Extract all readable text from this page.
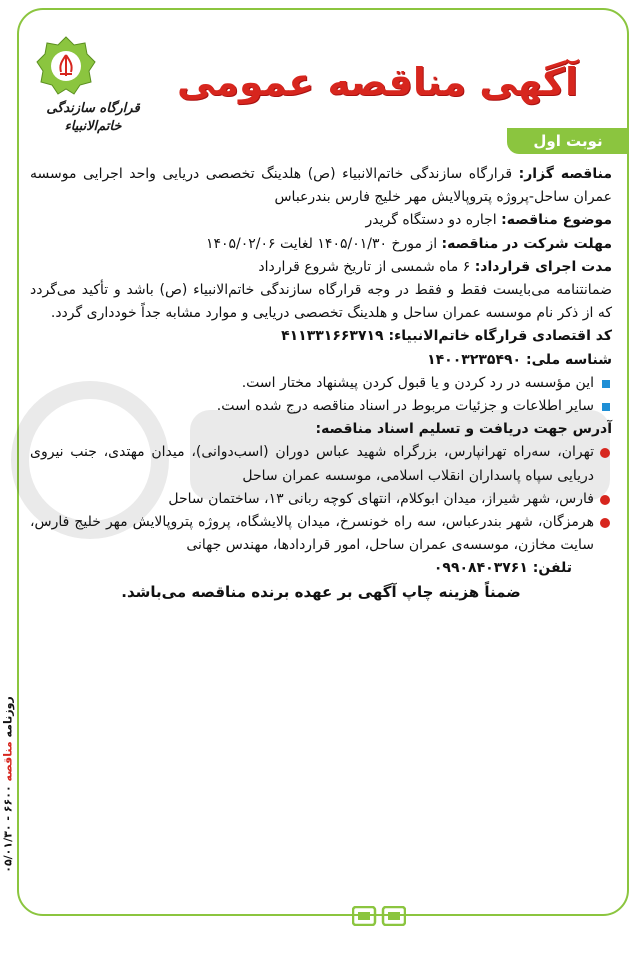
روزنامه مناقصه ۶۶۰۰ - ۰۵/۰۱/۳۰
قرارگاه سازندگی خاتم‌الانبیاء
آگهی مناقصه عمومی
نوبت اول

مناقصه گزار: قرارگاه سازندگی خاتم‌الانبیاء (ص) هلدینگ تخصصی دریایی واحد اجرایی موسسه عمران ساحل-پروژه پتروپالایش مهر خلیج فارس بندرعباس

موضوع مناقصه: اجاره دو دستگاه گریدر

مهلت شرکت در مناقصه: از مورخ ۱۴۰۵/۰۱/۳۰ لغایت ۱۴۰۵/۰۲/۰۶

مدت اجرای قرارداد: ۶ ماه شمسی از تاریخ شروع قرارداد

ضمانتنامه می‌بایست فقط و فقط در وجه قرارگاه سازندگی خاتم‌الانبیاء (ص) باشد و تأکید می‌گردد که از ذکر نام موسسه عمران ساحل و هلدینگ تخصصی دریایی و موارد مشابه جداً خودداری گردد.

کد اقتصادی قرارگاه خاتم‌الانبیاء: ۴۱۱۳۳۱۶۶۳۷۱۹

شناسه ملی: ۱۴۰۰۳۲۳۵۴۹۰

این مؤسسه در رد کردن و یا قبول کردن پیشنهاد مختار است.
سایر اطلاعات و جزئیات مربوط در اسناد مناقصه درج شده است.

آدرس جهت دریافت و تسلیم اسناد مناقصه:

تهران، سه‌راه تهرانپارس، بزرگراه شهید عباس دوران (اسب‌دوانی)، میدان مهتدی، جنب نیروی دریایی سپاه پاسداران انقلاب اسلامی، موسسه عمران ساحل
فارس، شهر شیراز، میدان ابوکلام، انتهای کوچه ربانی ۱۳، ساختمان ساحل
هرمزگان، شهر بندرعباس، سه راه خونسرخ، میدان پالایشگاه، پروژه پتروپالایش مهر خلیج فارس، سایت مخازن، موسسه‌ی عمران ساحل، امور قراردادها، مهندس جهانی

تلفن: ۰۹۹۰۸۴۰۳۷۶۱

ضمناً هزینه چاپ آگهی بر عهده برنده مناقصه می‌باشد.
